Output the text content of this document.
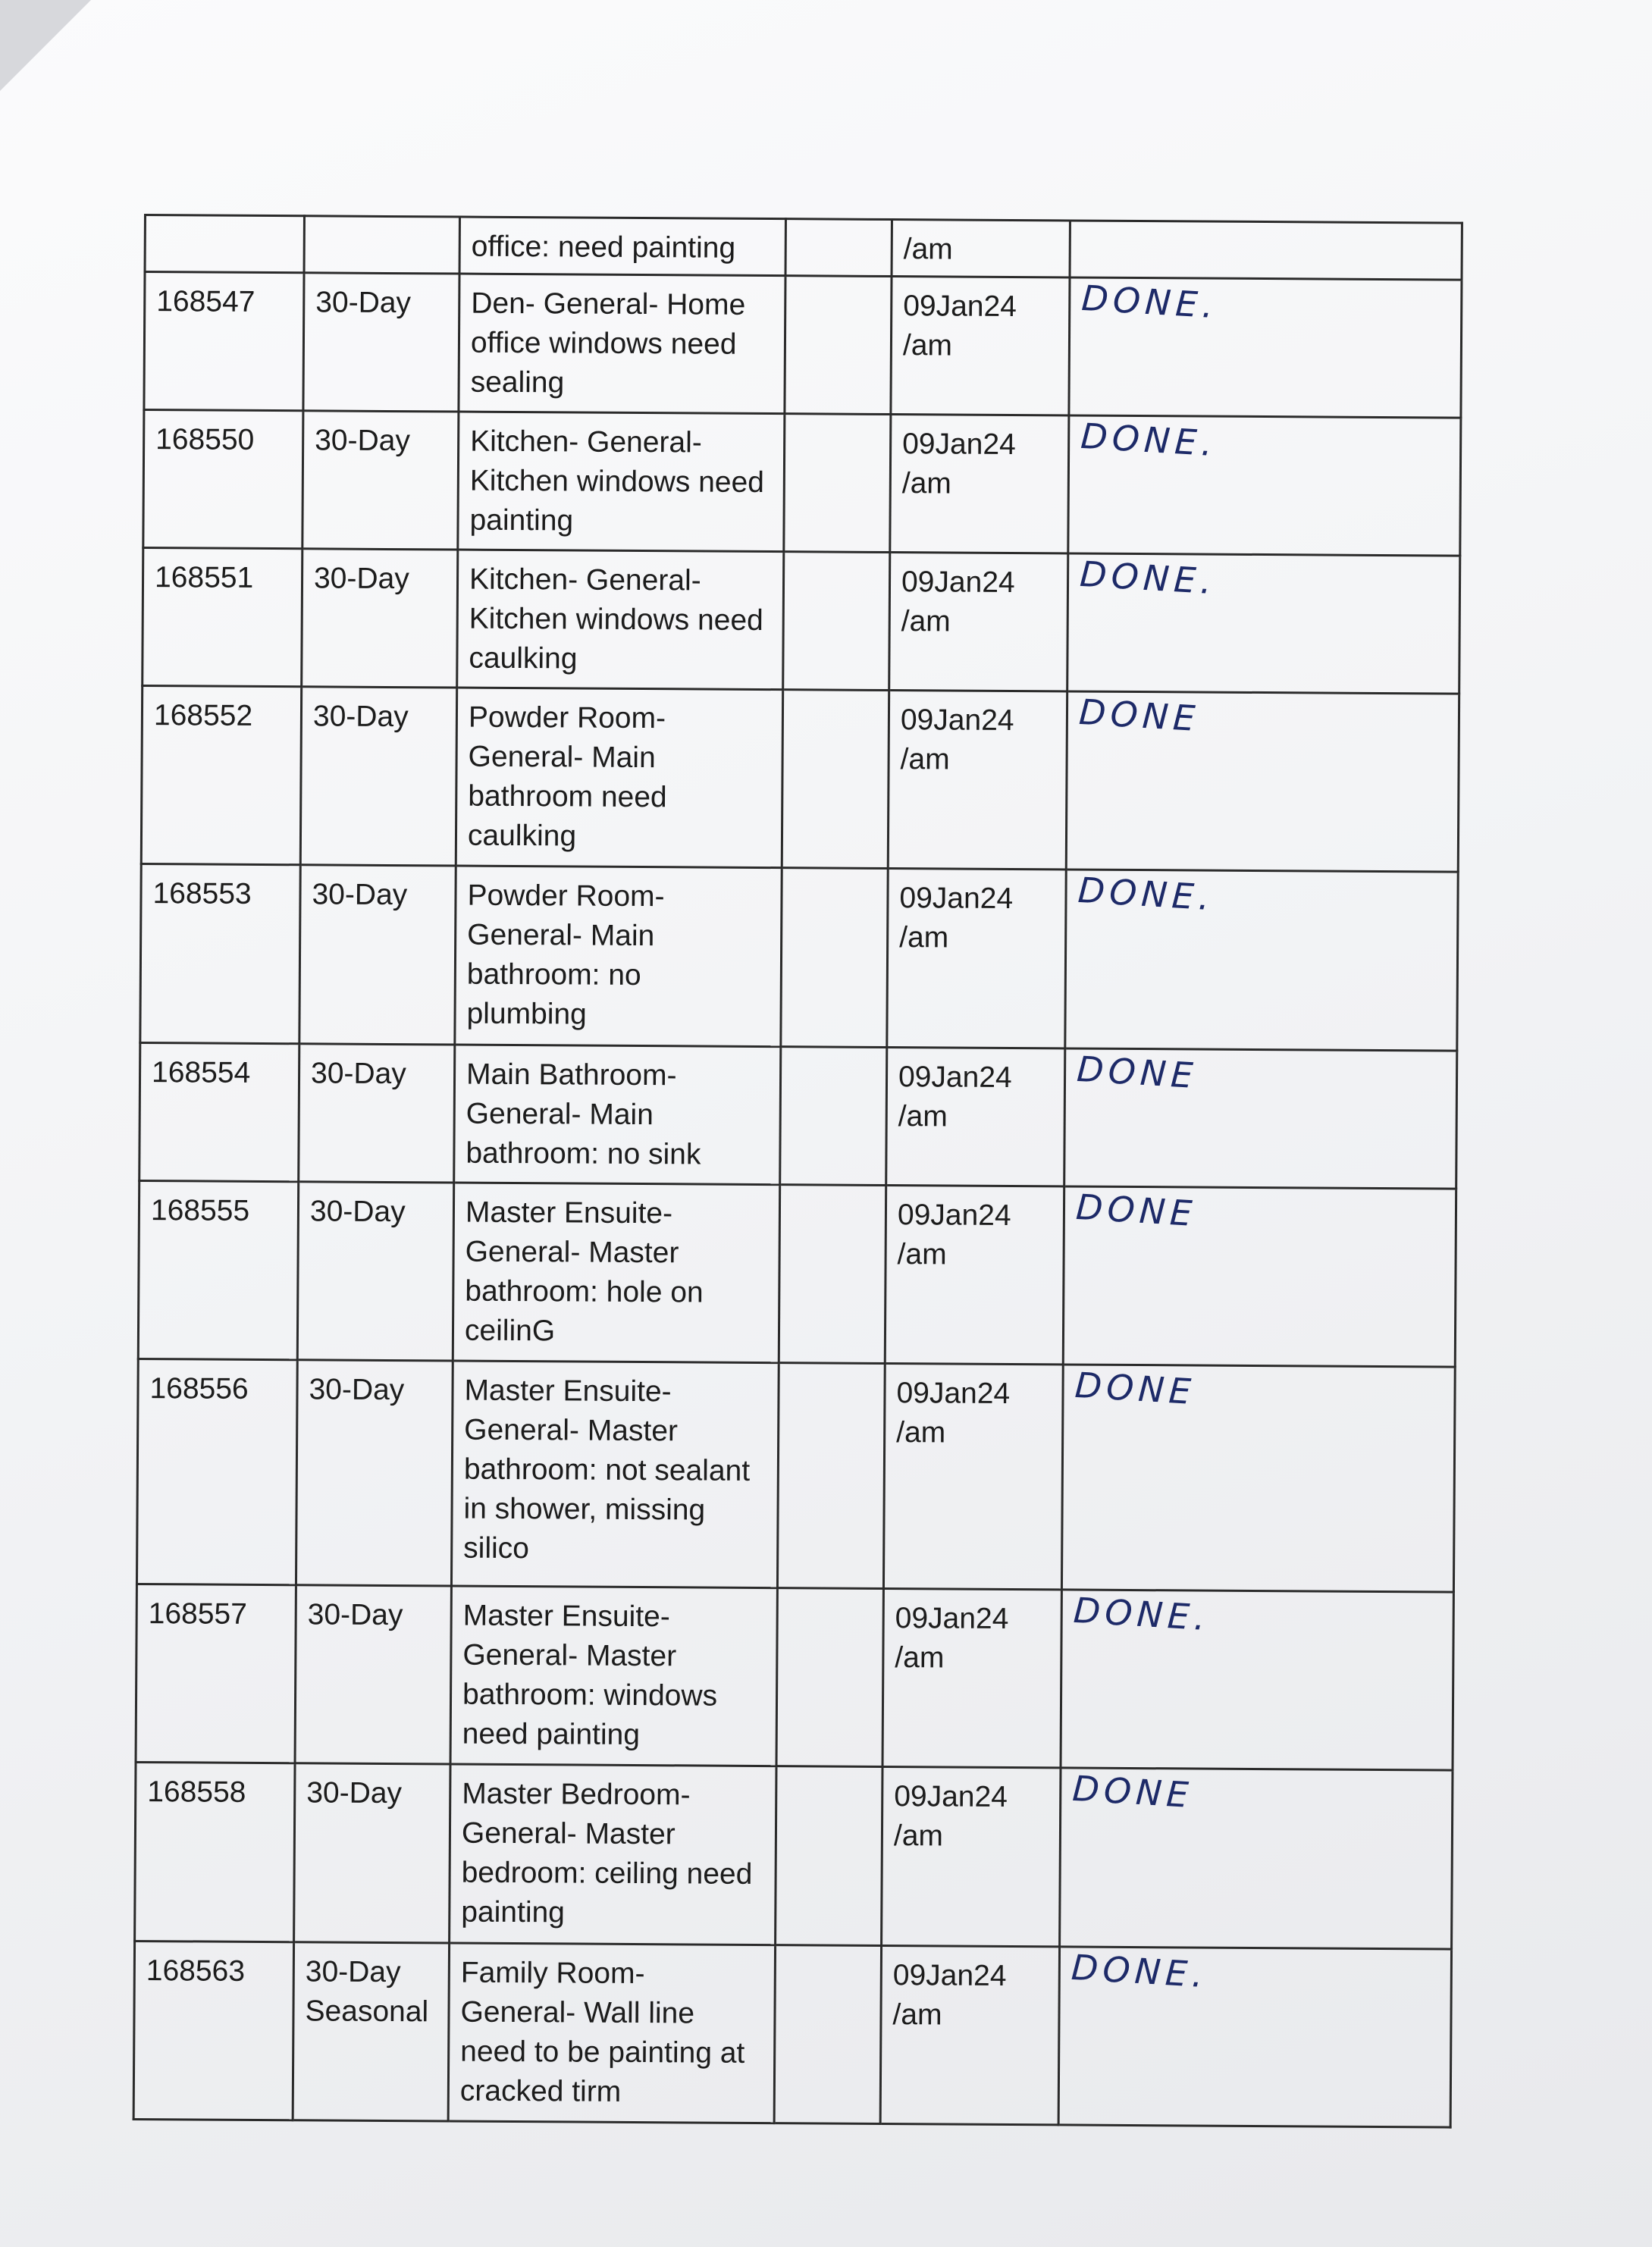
		office: need painting		/am	
168547	30-Day	Den- General- Home
office windows need
sealing		09Jan24
/am	DONE.

168550	30-Day	Kitchen- General-
Kitchen windows need
painting		09Jan24
/am	DONE.

168551	30-Day	Kitchen- General-
Kitchen windows need
caulking		09Jan24
/am	DONE.

168552	30-Day	Powder Room-
General- Main
bathroom need
caulking		09Jan24
/am	DONE

168553	30-Day	Powder Room-
General- Main
bathroom: no
plumbing		09Jan24
/am	DONE.

168554	30-Day	Main Bathroom-
General- Main
bathroom: no sink		09Jan24
/am	DONE

168555	30-Day	Master Ensuite-
General- Master
bathroom: hole on
ceilinG		09Jan24
/am	DONE

168556	30-Day	Master Ensuite-
General- Master
bathroom: not sealant
in shower, missing
silico		09Jan24
/am	DONE

168557	30-Day	Master Ensuite-
General- Master
bathroom: windows
need painting		09Jan24
/am	DONE.

168558	30-Day	Master Bedroom-
General- Master
bedroom: ceiling need
painting		09Jan24
/am	DONE

168563	30-Day
Seasonal	Family Room-
General- Wall line
need to be painting at
cracked tirm		09Jan24
/am	DONE.
